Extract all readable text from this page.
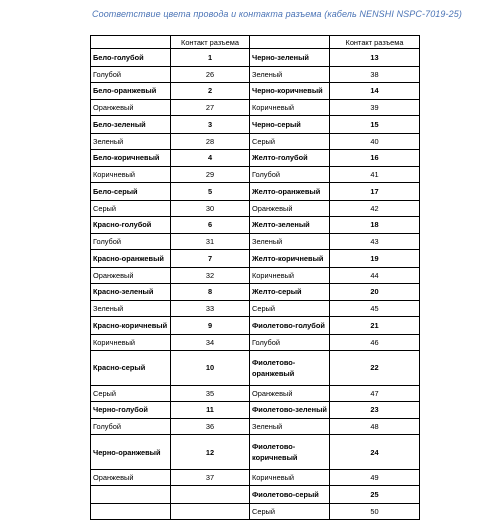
Соответствие цвета провода и контакта разъема (кабель NENSHI NSPC-7019-25)
	Контакт разъема		Контакт разъема
Бело-голубой	1	Черно-зеленый	13
Голубой	26	Зеленый	38
Бело-оранжевый	2	Черно-коричневый	14
Оранжевый	27	Коричневый	39
Бело-зеленый	3	Черно-серый	15
Зеленый	28	Серый	40
Бело-коричневый	4	Желто-голубой	16
Коричневый	29	Голубой	41
Бело-серый	5	Желто-оранжевый	17
Серый	30	Оранжевый	42
Красно-голубой	6	Желто-зеленый	18
Голубой	31	Зеленый	43
Красно-оранжевый	7	Желто-коричневый	19
Оранжевый	32	Коричневый	44
Красно-зеленый	8	Желто-серый	20
Зеленый	33	Серый	45
Красно-коричневый	9	Фиолетово-голубой	21
Коричневый	34	Голубой	46
Красно-серый	10	Фиолетово-оранжевый	22
Серый	35	Оранжевый	47
Черно-голубой	11	Фиолетово-зеленый	23
Голубой	36	Зеленый	48
Черно-оранжевый	12	Фиолетово-коричневый	24
Оранжевый	37	Коричневый	49
		Фиолетово-серый	25
		Серый	50
